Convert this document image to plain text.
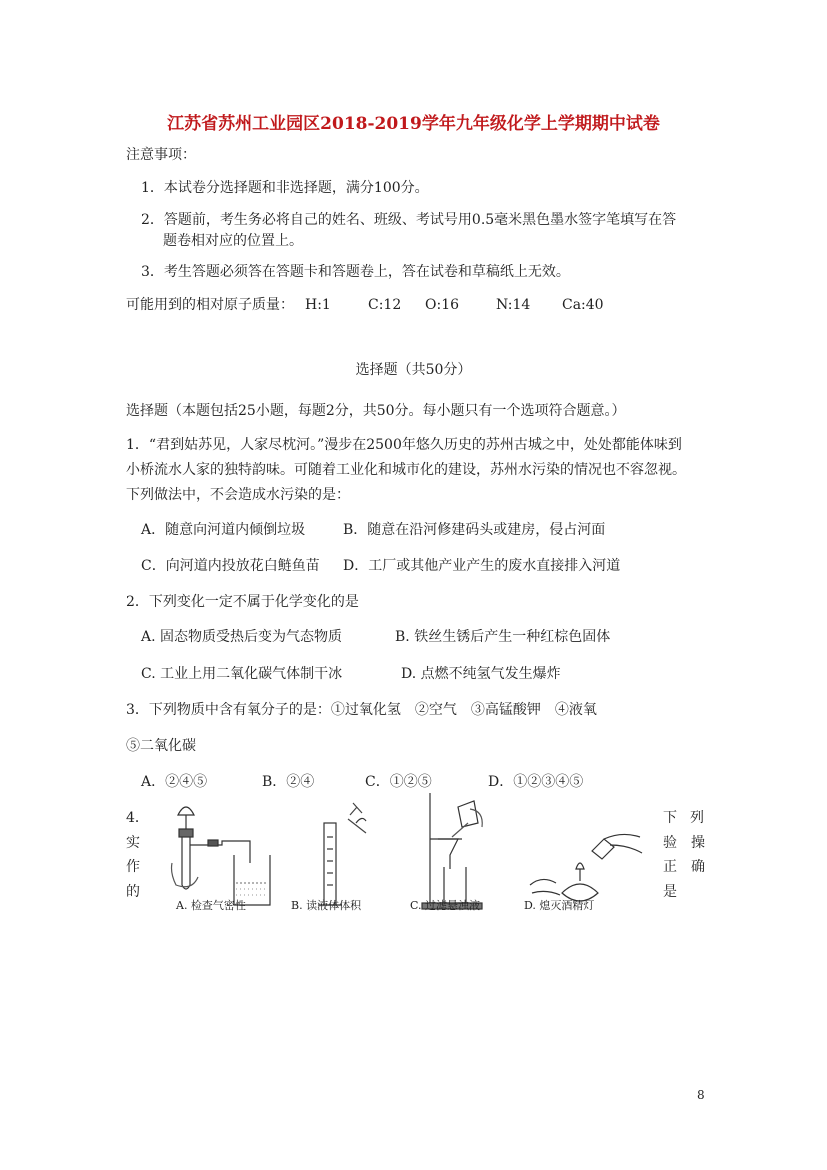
江苏省苏州工业园区2018-2019学年九年级化学上学期期中试卷
注意事项：
1．本试卷分选择题和非选择题，满分100分。
2．答题前，考生务必将自己的姓名、班级、考试号用0.5毫米黑色墨水签字笔填写在答
题卷相对应的位置上。
3．考生答题必须答在答题卡和答题卷上，答在试卷和草稿纸上无效。
可能用到的相对原子质量： H:1	C:12 O:16	N:14 Ca:40
选择题（共50分）
选择题（本题包括25小题，每题2分，共50分。每小题只有一个选项符合题意。）
1．“君到姑苏见，人家尽枕河。”漫步在2500年悠久历史的苏州古城之中，处处都能体味到
小桥流水人家的独特韵味。可随着工业化和城市化的建设，苏州水污染的情况也不容忽视。
下列做法中，不会造成水污染的是：
A．随意向河道内倾倒垃圾	B．随意在沿河修建码头或建房，侵占河面
C．向河道内投放花白鲢鱼苗 D．工厂或其他产业产生的废水直接排入河道
2．下列变化一定不属于化学变化的是
A. 固态物质受热后变为气态物质	B. 铁丝生锈后产生一种红棕色固体
C. 工业上用二氧化碳气体制干冰	D. 点燃不纯氢气发生爆炸
3．下列物质中含有氧分子的是：①过氧化氢　②空气　③高锰酸钾　④液氧
⑤二氧化碳
A．②④⑤	B．②④	C．①②⑤	D．①②③④⑤
4．
实
作
的
下 列
验　操
正　确
是
A. 检查气密性	B. 读液体体积	C. 过滤悬浊液	D. 熄灭酒精灯
8
